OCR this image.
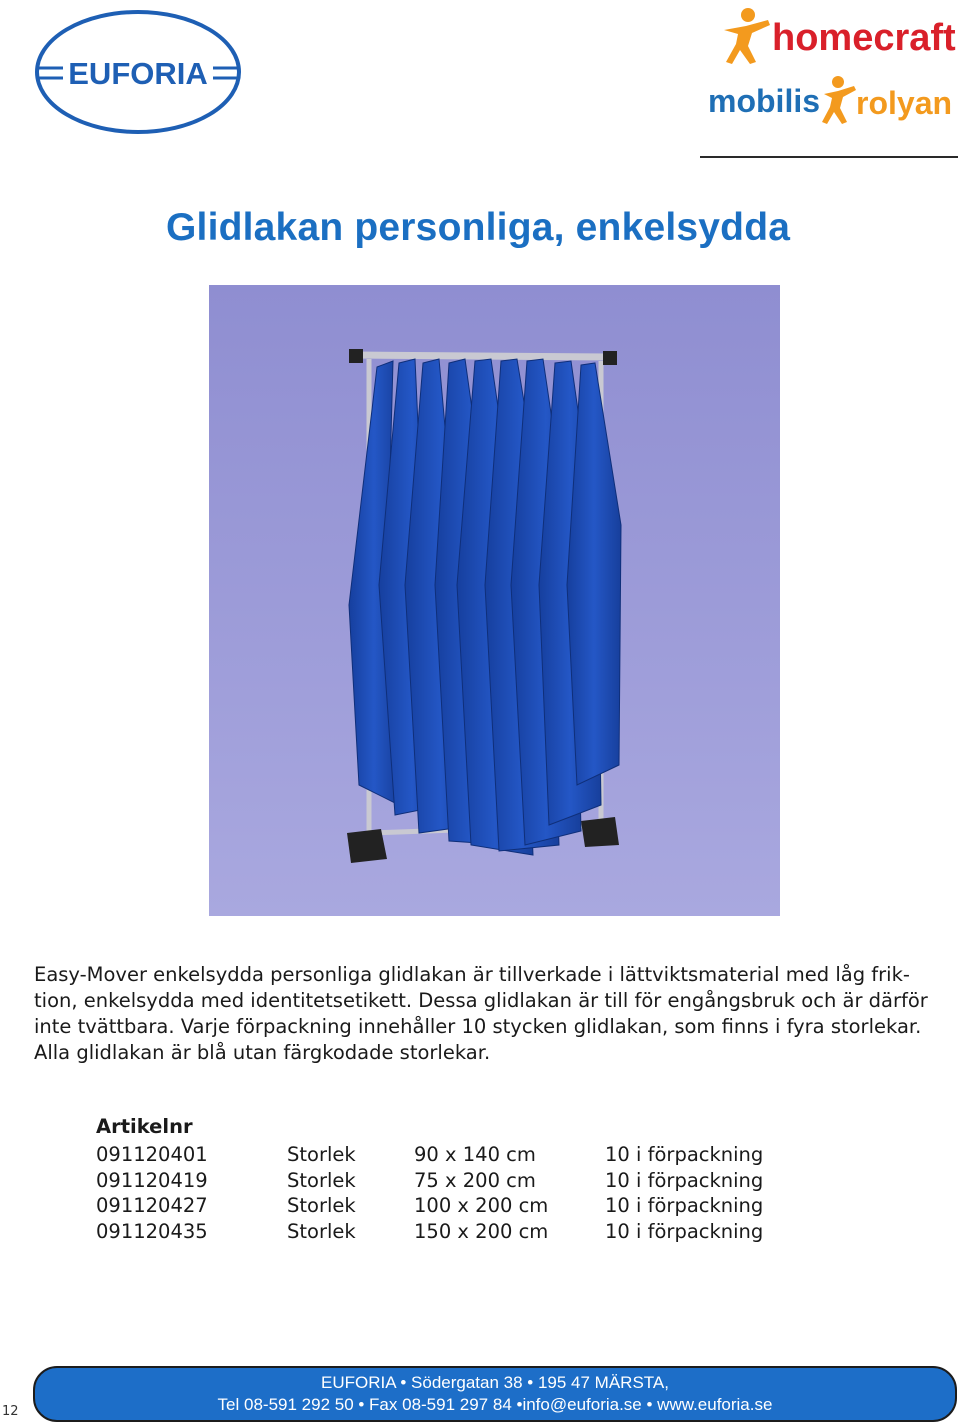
EUFORIA
homecraft
mobilis rolyan
Glidlakan personliga, enkelsydda
Easy-Mover enkelsydda personliga glidlakan är tillverkade i lättviktsmaterial med låg frik-
tion, enkelsydda med identitetsetikett. Dessa glidlakan är till för engångsbruk och är därför
inte tvättbara. Varje förpackning innehåller 10 stycken glidlakan, som finns i fyra storlekar.
Alla glidlakan är blå utan färgkodade storlekar.
Artikelnr
091120401	Storlek	90 x 140 cm	10 i förpackning
091120419	Storlek	75 x 200 cm	10 i förpackning
091120427	Storlek	100 x 200 cm	10 i förpackning
091120435	Storlek	150 x 200 cm	10 i förpackning
12
EUFORIA • Södergatan 38 • 195 47 MÄRSTA,
Tel 08-591 292 50 • Fax 08-591 297 84 •info@euforia.se • www.euforia.se
